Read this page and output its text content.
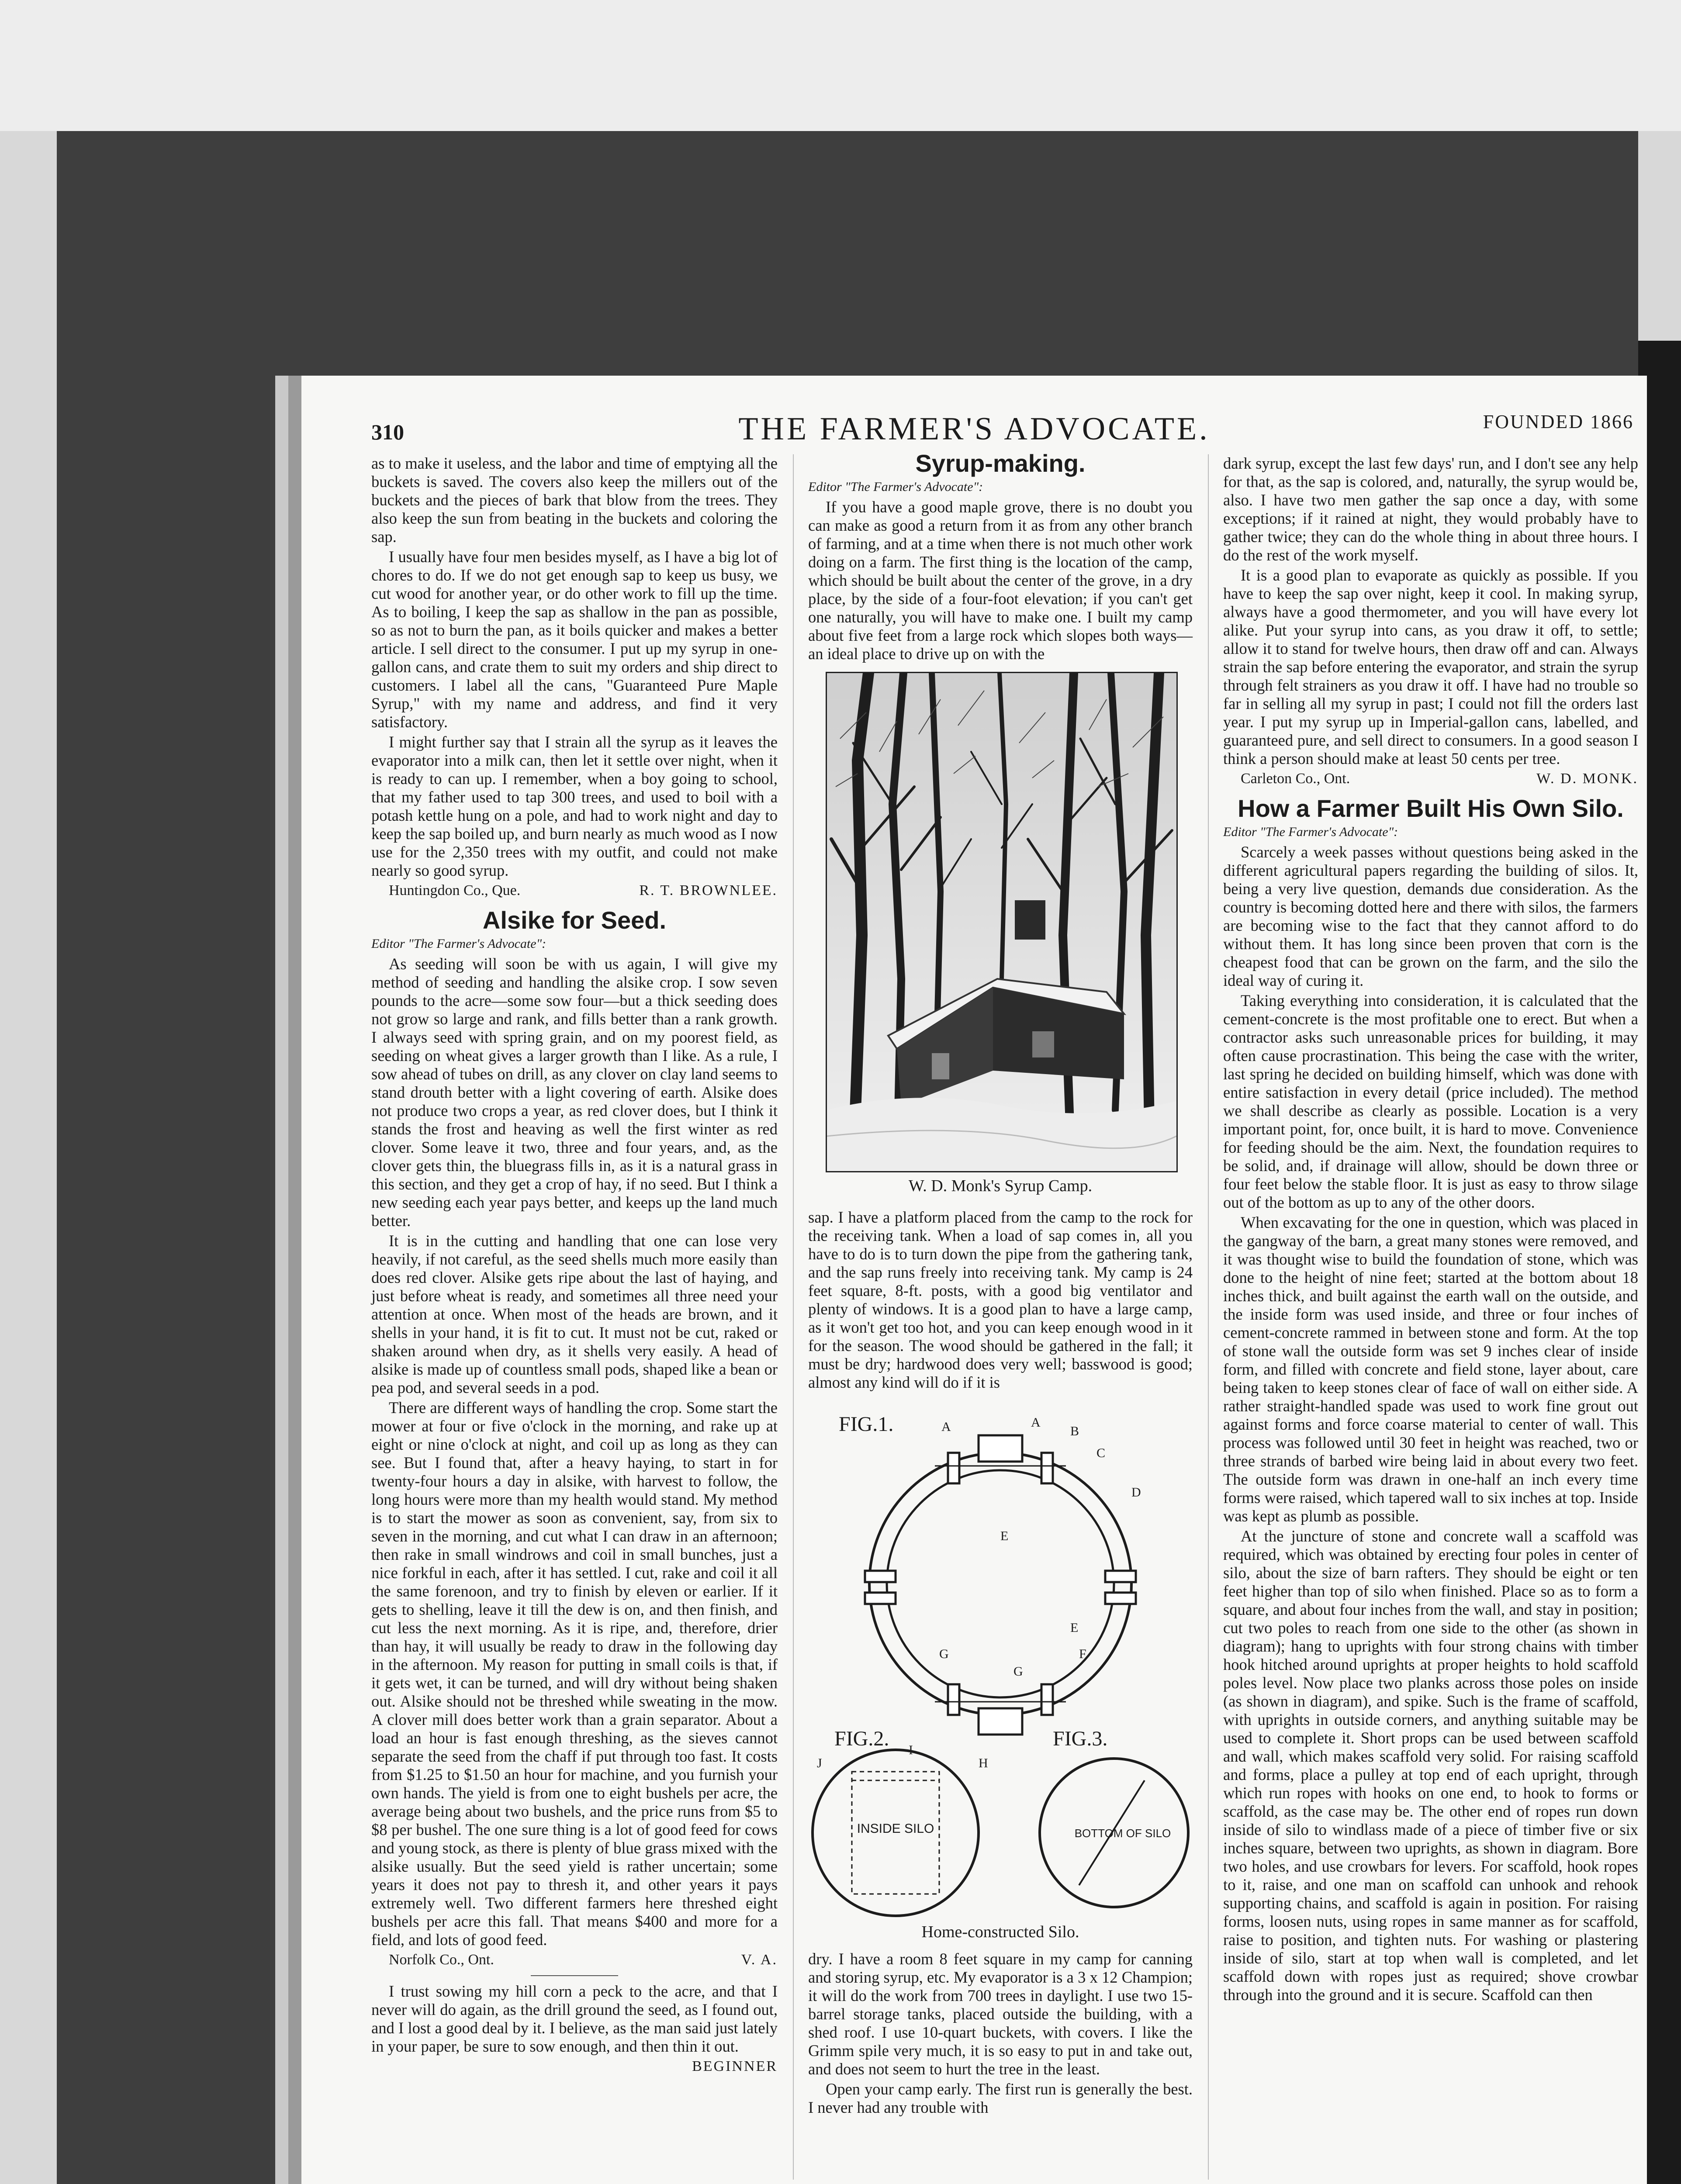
310	THE FARMER'S ADVOCATE.	FOUNDED 1866

as to make it useless, and the labor and time of emptying all the buckets is saved. The covers also keep the millers out of the buckets and the pieces of bark that blow from the trees. They also keep the sun from beating in the buckets and coloring the sap.

I usually have four men besides myself, as I have a big lot of chores to do. If we do not get enough sap to keep us busy, we cut wood for another year, or do other work to fill up the time. As to boiling, I keep the sap as shallow in the pan as possible, so as not to burn the pan, as it boils quicker and makes a better article. I sell direct to the consumer. I put up my syrup in one-gallon cans, and crate them to suit my orders and ship direct to customers. I label all the cans, "Guaranteed Pure Maple Syrup," with my name and address, and find it very satisfactory.

I might further say that I strain all the syrup as it leaves the evaporator into a milk can, then let it settle over night, when it is ready to can up. I remember, when a boy going to school, that my father used to tap 300 trees, and used to boil with a potash kettle hung on a pole, and had to work night and day to keep the sap boiled up, and burn nearly as much wood as I now use for the 2,350 trees with my outfit, and could not make nearly so good syrup.

Huntingdon Co., Que.	R. T. BROWNLEE.
Alsike for Seed.

Editor "The Farmer's Advocate":

As seeding will soon be with us again, I will give my method of seeding and handling the alsike crop. I sow seven pounds to the acre—some sow four—but a thick seeding does not grow so large and rank, and fills better than a rank growth. I always seed with spring grain, and on my poorest field, as seeding on wheat gives a larger growth than I like. As a rule, I sow ahead of tubes on drill, as any clover on clay land seems to stand drouth better with a light covering of earth. Alsike does not produce two crops a year, as red clover does, but I think it stands the frost and heaving as well the first winter as red clover. Some leave it two, three and four years, and, as the clover gets thin, the bluegrass fills in, as it is a natural grass in this section, and they get a crop of hay, if no seed. But I think a new seeding each year pays better, and keeps up the land much better.

It is in the cutting and handling that one can lose very heavily, if not careful, as the seed shells much more easily than does red clover. Alsike gets ripe about the last of haying, and just before wheat is ready, and sometimes all three need your attention at once. When most of the heads are brown, and it shells in your hand, it is fit to cut. It must not be cut, raked or shaken around when dry, as it shells very easily. A head of alsike is made up of countless small pods, shaped like a bean or pea pod, and several seeds in a pod.

There are different ways of handling the crop. Some start the mower at four or five o'clock in the morning, and rake up at eight or nine o'clock at night, and coil up as long as they can see. But I found that, after a heavy haying, to start in for twenty-four hours a day in alsike, with harvest to follow, the long hours were more than my health would stand. My method is to start the mower as soon as convenient, say, from six to seven in the morning, and cut what I can draw in an afternoon; then rake in small windrows and coil in small bunches, just a nice forkful in each, after it has settled. I cut, rake and coil it all the same forenoon, and try to finish by eleven or earlier. If it gets to shelling, leave it till the dew is on, and then finish, and cut less the next morning. As it is ripe, and, therefore, drier than hay, it will usually be ready to draw in the following day in the afternoon. My reason for putting in small coils is that, if it gets wet, it can be turned, and will dry without being shaken out. Alsike should not be threshed while sweating in the mow. A clover mill does better work than a grain separator. About a load an hour is fast enough threshing, as the sieves cannot separate the seed from the chaff if put through too fast. It costs from $1.25 to $1.50 an hour for machine, and you furnish your own hands. The yield is from one to eight bushels per acre, the average being about two bushels, and the price runs from $5 to $8 per bushel. The one sure thing is a lot of good feed for cows and young stock, as there is plenty of blue grass mixed with the alsike usually. But the seed yield is rather uncertain; some years it does not pay to thresh it, and other years it pays extremely well. Two different farmers here threshed eight bushels per acre this fall. That means $400 and more for a field, and lots of good feed.

Norfolk Co., Ont.	V. A.

I trust sowing my hill corn a peck to the acre, and that I never will do again, as the drill ground the seed, as I found out, and I lost a good deal by it. I believe, as the man said just lately in your paper, be sure to sow enough, and then thin it out.

BEGINNER
Syrup-making.

Editor "The Farmer's Advocate":

If you have a good maple grove, there is no doubt you can make as good a return from it as from any other branch of farming, and at a time when there is not much other work doing on a farm. The first thing is the location of the camp, which should be built about the center of the grove, in a dry place, by the side of a four-foot elevation; if you can't get one naturally, you will have to make one. I built my camp about five feet from a large rock which slopes both ways—an ideal place to drive up on with the

W. D. Monk's Syrup Camp.

sap. I have a platform placed from the camp to the rock for the receiving tank. When a load of sap comes in, all you have to do is to turn down the pipe from the gathering tank, and the sap runs freely into receiving tank. My camp is 24 feet square, 8-ft. posts, with a good big ventilator and plenty of windows. It is a good plan to have a large camp, as it won't get too hot, and you can keep enough wood in it for the season. The wood should be gathered in the fall; it must be dry; hardwood does very well; basswood is good; almost any kind will do if it is

FIG.1.
FIG.2.	FIG.3.
A	A
B
C
D
E
E
F
G
G
H
I
J
INSIDE SILO	BOTTOM OF SILO
Home-constructed Silo.

dry. I have a room 8 feet square in my camp for canning and storing syrup, etc. My evaporator is a 3 x 12 Champion; it will do the work from 700 trees in daylight. I use two 15-barrel storage tanks, placed outside the building, with a shed roof. I use 10-quart buckets, with covers. I like the Grimm spile very much, it is so easy to put in and take out, and does not seem to hurt the tree in the least.

Open your camp early. The first run is generally the best. I never had any trouble with

dark syrup, except the last few days' run, and I don't see any help for that, as the sap is colored, and, naturally, the syrup would be, also. I have two men gather the sap once a day, with some exceptions; if it rained at night, they would probably have to gather twice; they can do the whole thing in about three hours. I do the rest of the work myself.

It is a good plan to evaporate as quickly as possible. If you have to keep the sap over night, keep it cool. In making syrup, always have a good thermometer, and you will have every lot alike. Put your syrup into cans, as you draw it off, to settle; allow it to stand for twelve hours, then draw off and can. Always strain the sap before entering the evaporator, and strain the syrup through felt strainers as you draw it off. I have had no trouble so far in selling all my syrup in past; I could not fill the orders last year. I put my syrup up in Imperial-gallon cans, labelled, and guaranteed pure, and sell direct to consumers. In a good season I think a person should make at least 50 cents per tree.

Carleton Co., Ont.	W. D. MONK.
How a Farmer Built His Own Silo.

Editor "The Farmer's Advocate":

Scarcely a week passes without questions being asked in the different agricultural papers regarding the building of silos. It, being a very live question, demands due consideration. As the country is becoming dotted here and there with silos, the farmers are becoming wise to the fact that they cannot afford to do without them. It has long since been proven that corn is the cheapest food that can be grown on the farm, and the silo the ideal way of curing it.

Taking everything into consideration, it is calculated that the cement-concrete is the most profitable one to erect. But when a contractor asks such unreasonable prices for building, it may often cause procrastination. This being the case with the writer, last spring he decided on building himself, which was done with entire satisfaction in every detail (price included). The method we shall describe as clearly as possible. Location is a very important point, for, once built, it is hard to move. Convenience for feeding should be the aim. Next, the foundation requires to be solid, and, if drainage will allow, should be down three or four feet below the stable floor. It is just as easy to throw silage out of the bottom as up to any of the other doors.

When excavating for the one in question, which was placed in the gangway of the barn, a great many stones were removed, and it was thought wise to build the foundation of stone, which was done to the height of nine feet; started at the bottom about 18 inches thick, and built against the earth wall on the outside, and the inside form was used inside, and three or four inches of cement-concrete rammed in between stone and form. At the top of stone wall the outside form was set 9 inches clear of inside form, and filled with concrete and field stone, layer about, care being taken to keep stones clear of face of wall on either side. A rather straight-handled spade was used to work fine grout out against forms and force coarse material to center of wall. This process was followed until 30 feet in height was reached, two or three strands of barbed wire being laid in about every two feet. The outside form was drawn in one-half an inch every time forms were raised, which tapered wall to six inches at top. Inside was kept as plumb as possible.

At the juncture of stone and concrete wall a scaffold was required, which was obtained by erecting four poles in center of silo, about the size of barn rafters. They should be eight or ten feet higher than top of silo when finished. Place so as to form a square, and about four inches from the wall, and stay in position; cut two poles to reach from one side to the other (as shown in diagram); hang to uprights with four strong chains with timber hook hitched around uprights at proper heights to hold scaffold poles level. Now place two planks across those poles on inside (as shown in diagram), and spike. Such is the frame of scaffold, with uprights in outside corners, and anything suitable may be used to complete it. Short props can be used between scaffold and wall, which makes scaffold very solid. For raising scaffold and forms, place a pulley at top end of each upright, through which run ropes with hooks on one end, to hook to forms or scaffold, as the case may be. The other end of ropes run down inside of silo to windlass made of a piece of timber five or six inches square, between two uprights, as shown in diagram. Bore two holes, and use crowbars for levers. For scaffold, hook ropes to it, raise, and one man on scaffold can unhook and rehook supporting chains, and scaffold is again in position. For raising forms, loosen nuts, using ropes in same manner as for scaffold, raise to position, and tighten nuts. For washing or plastering inside of silo, start at top when wall is completed, and let scaffold down with ropes just as required; shove crowbar through into the ground and it is secure. Scaffold can then
